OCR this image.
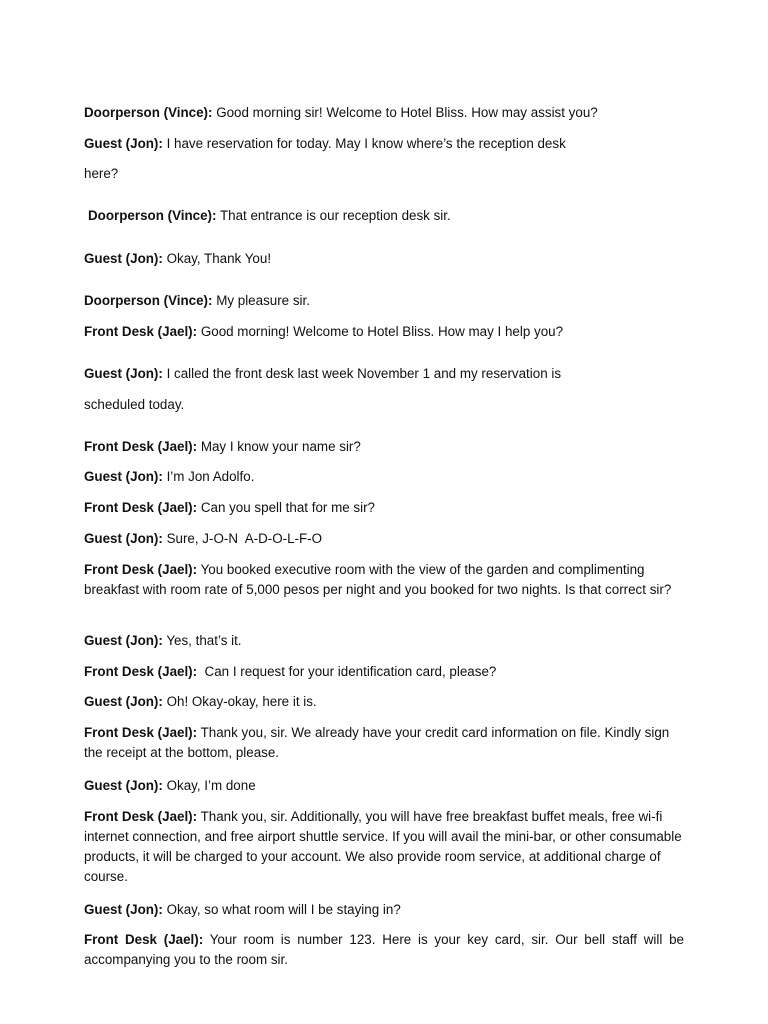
Doorperson (Vince): Good morning sir! Welcome to Hotel Bliss. How may assist you?
Guest (Jon): I have reservation for today. May I know where’s the reception desk
here?
Doorperson (Vince): That entrance is our reception desk sir.
Guest (Jon): Okay, Thank You!
Doorperson (Vince): My pleasure sir.
Front Desk (Jael): Good morning! Welcome to Hotel Bliss. How may I help you?
Guest (Jon): I called the front desk last week November 1 and my reservation is
scheduled today.
Front Desk (Jael): May I know your name sir?
Guest (Jon): I’m Jon Adolfo.
Front Desk (Jael): Can you spell that for me sir?
Guest (Jon): Sure, J-O-N  A-D-O-L-F-O
Front Desk (Jael): You booked executive room with the view of the garden and complimenting breakfast with room rate of 5,000 pesos per night and you booked for two nights. Is that correct sir?
Guest (Jon): Yes, that’s it.
Front Desk (Jael):  Can I request for your identification card, please?
Guest (Jon): Oh! Okay-okay, here it is.
Front Desk (Jael): Thank you, sir. We already have your credit card information on file. Kindly sign the receipt at the bottom, please.
Guest (Jon): Okay, I’m done
Front Desk (Jael): Thank you, sir. Additionally, you will have free breakfast buffet meals, free wi-fi internet connection, and free airport shuttle service. If you will avail the mini-bar, or other consumable products, it will be charged to your account. We also provide room service, at additional charge of course.
Guest (Jon): Okay, so what room will I be staying in?
Front Desk (Jael): Your room is number 123. Here is your key card, sir. Our bell staff will be accompanying you to the room sir.
